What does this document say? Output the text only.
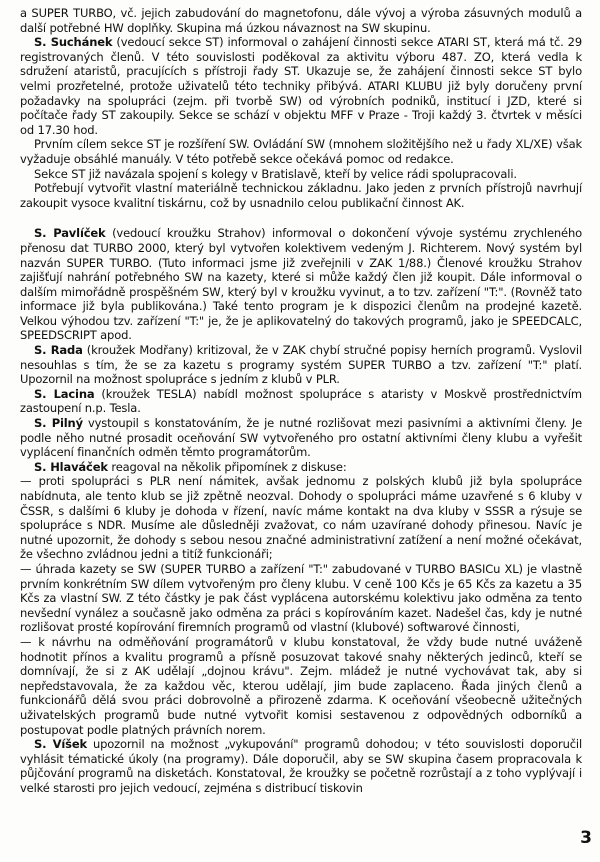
a SUPER TURBO, vč. jejich zabudování do magnetofonu, dále vývoj a výroba zásuvných modulů a další potřebné HW doplňky. Skupina má úzkou návaznost na SW skupinu.

S. Suchánek (vedoucí sekce ST) informoval o zahájení činnosti sekce ATARI ST, která má tč. 29 registrovaných členů. V této souvislosti poděkoval za aktivitu výboru 487. ZO, která vedla k sdružení ataristů, pracujících s přístroji řady ST. Ukazuje se, že zahájení činnosti sekce ST bylo velmi prozřetelné, protože uživatelů této techniky přibývá. ATARI KLUBU již byly doručeny první požadavky na spolupráci (zejm. při tvorbě SW) od výrobních podniků, institucí i JZD, které si počítače řady ST zakoupily. Sekce se schází v objektu MFF v Praze - Troji každý 3. čtvrtek v měsíci od 17.30 hod.

Prvním cílem sekce ST je rozšíření SW. Ovládání SW (mnohem složitějšího než u řady XL/XE) však vyžaduje obsáhlé manuály. V této potřebě sekce očekává pomoc od redakce.

Sekce ST již navázala spojení s kolegy v Bratislavě, kteří by velice rádi spolupracovali.

Potřebují vytvořit vlastní materiálně technickou základnu. Jako jeden z prvních přístrojů navrhují zakoupit vysoce kvalitní tiskárnu, což by usnadnilo celou publikační činnost AK.

S. Pavlíček (vedoucí kroužku Strahov) informoval o dokončení vývoje systému zrychleného přenosu dat TURBO 2000, který byl vytvořen kolektivem vedeným J. Richterem. Nový systém byl nazván SUPER TURBO. (Tuto informaci jsme již zveřejnili v ZAK 1/88.) Členové kroužku Strahov zajišťují nahrání potřebného SW na kazety, které si může každý člen již koupit. Dále informoval o dalším mimořádně prospěšném SW, který byl v kroužku vyvinut, a to tzv. zařízení "T:". (Rovněž tato informace již byla publikována.) Také tento program je k dispozici členům na prodejné kazetě. Velkou výhodou tzv. zařízení "T:" je, že je aplikovatelný do takových programů, jako je SPEEDCALC, SPEEDSCRIPT apod.

S. Rada (kroužek Modřany) kritizoval, že v ZAK chybí stručné popisy herních programů. Vyslovil nesouhlas s tím, že se za kazetu s programy systém SUPER TURBO a tzv. zařízení "T:" platí. Upozornil na možnost spolupráce s jedním z klubů v PLR.

S. Lacina (kroužek TESLA) nabídl možnost spolupráce s ataristy v Moskvě prostřednictvím zastoupení n.p. Tesla.

S. Pilný vystoupil s konstatováním, že je nutné rozlišovat mezi pasivními a aktivními členy. Je podle něho nutné prosadit oceňování SW vytvořeného pro ostatní aktivními členy klubu a vyřešit vyplácení finančních odměn těmto programátorům.

S. Hlaváček reagoval na několik připomínek z diskuse:

— proti spolupráci s PLR není námitek, avšak jednomu z polských klubů již byla spolupráce nabídnuta, ale tento klub se již zpětně neozval. Dohody o spolupráci máme uzavřené s 6 kluby v ČSSR, s dalšími 6 kluby je dohoda v řízení, navíc máme kontakt na dva kluby v SSSR a rýsuje se spolupráce s NDR. Musíme ale důsledněji zvažovat, co nám uzavírané dohody přinesou. Navíc je nutné upozornit, že dohody s sebou nesou značné administrativní zatížení a není možné očekávat, že všechno zvládnou jedni a titíž funkcionáři;

— úhrada kazety se SW (SUPER TURBO a zařízení "T:" zabudované v TURBO BASICu XL) je vlastně prvním konkrétním SW dílem vytvořeným pro členy klubu. V ceně 100 Kčs je 65 Kčs za kazetu a 35 Kčs za vlastní SW. Z této částky je pak část vyplácena autorskému kolektivu jako odměna za tento nevšední vynález a současně jako odměna za práci s kopírováním kazet. Nadešel čas, kdy je nutné rozlišovat prosté kopírování firemních programů od vlastní (klubové) softwarové činnosti,

— k návrhu na odměňování programátorů v klubu konstatoval, že vždy bude nutné uváženě hodnotit přínos a kvalitu programů a přísně posuzovat takové snahy některých jedinců, kteří se domnívají, že si z AK udělají „dojnou krávu". Zejm. mládež je nutné vychovávat tak, aby si nepředstavovala, že za každou věc, kterou udělají, jim bude zaplaceno. Řada jiných členů a funkcionářů dělá svou práci dobrovolně a přirozeně zdarma. K oceňování všeobecně užitečných uživatelských programů bude nutné vytvořit komisi sestavenou z odpovědných odborníků a postupovat podle platných právních norem.

S. Víšek upozornil na možnost „vykupování" programů dohodou; v této souvislosti doporučil vyhlásit tématické úkoly (na programy). Dále doporučil, aby se SW skupina časem propracovala k půjčování programů na disketách. Konstatoval, že kroužky se početně rozrůstají a z toho vyplývají i velké starosti pro jejich vedoucí, zejména s distribucí tiskovin

3
